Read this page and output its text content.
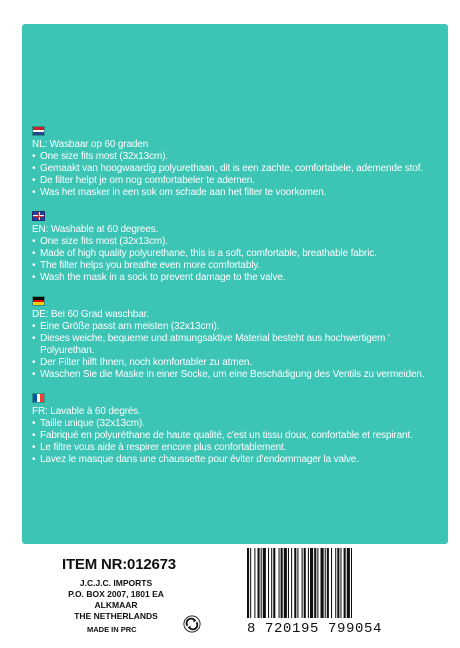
NL: Wasbaar op 60 graden
• One size fits most (32x13cm).
• Gemaakt van hoogwaardig polyurethaan, dit is een zachte, comfortabele, ademende stof.
• De filter helpt je om nog comfortabeler te ademen.
• Was het masker in een sok om schade aan het filter te voorkomen.
EN: Washable at 60 degrees.
• One size fits most (32x13cm).
• Made of high quality polyurethane, this is a soft, comfortable, breathable fabric.
• The filter helps you breathe even more comfortably.
• Wash the mask in a sock to prevent damage to the valve.
DE: Bei 60 Grad waschbar.
• Eine Größe passt am meisten (32x13cm).
• Dieses weiche, bequeme und atmungsaktive Material besteht aus hochwertigem ' Polyurethan.
• Der Filter hilft Ihnen, noch komfortabler zu atmen.
• Waschen Sie die Maske in einer Socke, um eine Beschädigung des Ventils zu vermeiden.
FR: Lavable à 60 degrés.
• Taille unique (32x13cm).
• Fabriqué en polyuréthane de haute qualité, c'est un tissu doux, confortable et respirant.
• Le filtre vous aide à respirer encore plus confortablement.
• Lavez le masque dans une chaussette pour éviter d'endommager la valve.
ITEM NR:012673
J.C.J.C. IMPORTS
P.O. BOX 2007, 1801 EA ALKMAAR
THE NETHERLANDS
MADE IN PRC	8 720195 799054
